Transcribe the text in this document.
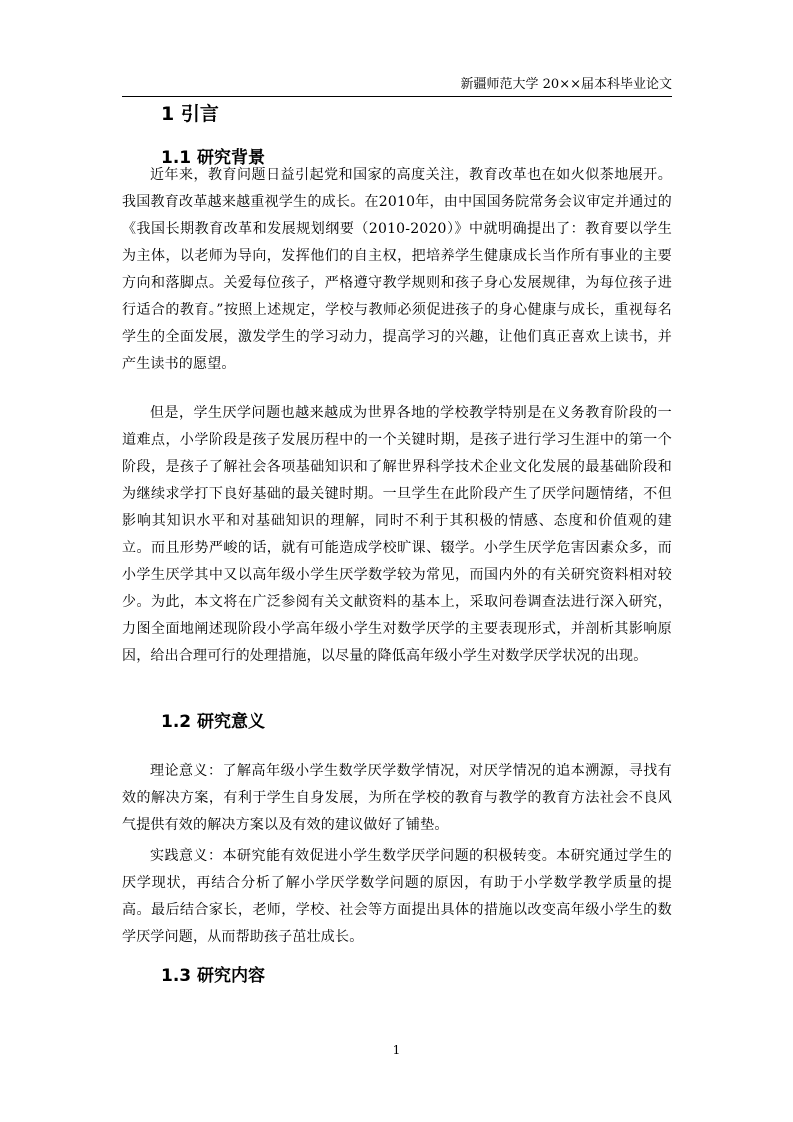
新疆师范大学 20××届本科毕业论文
1 引言
1.1 研究背景

近年来，教育问题日益引起党和国家的高度关注，教育改革也在如火似茶地展开。我国教育改革越来越重视学生的成长。在2010年，由中国国务院常务会议审定并通过的《我国长期教育改革和发展规划纲要（2010-2020）》中就明确提出了：教育要以学生为主体，以老师为导向，发挥他们的自主权，把培养学生健康成长当作所有事业的主要方向和落脚点。关爱每位孩子，严格遵守教学规则和孩子身心发展规律，为每位孩子进行适合的教育。”按照上述规定，学校与教师必须促进孩子的身心健康与成长，重视每名学生的全面发展，激发学生的学习动力，提高学习的兴趣，让他们真正喜欢上读书，并产生读书的愿望。

但是，学生厌学问题也越来越成为世界各地的学校教学特别是在义务教育阶段的一道难点，小学阶段是孩子发展历程中的一个关键时期，是孩子进行学习生涯中的第一个阶段，是孩子了解社会各项基础知识和了解世界科学技术企业文化发展的最基础阶段和为继续求学打下良好基础的最关键时期。一旦学生在此阶段产生了厌学问题情绪，不但影响其知识水平和对基础知识的理解，同时不利于其积极的情感、态度和价值观的建立。而且形势严峻的话，就有可能造成学校旷课、辍学。小学生厌学危害因素众多，而小学生厌学其中又以高年级小学生厌学数学较为常见，而国内外的有关研究资料相对较少。为此，本文将在广泛参阅有关文献资料的基本上，采取问卷调查法进行深入研究，力图全面地阐述现阶段小学高年级小学生对数学厌学的主要表现形式，并剖析其影响原因，给出合理可行的处理措施，以尽量的降低高年级小学生对数学厌学状况的出现。

1.2 研究意义

理论意义：了解高年级小学生数学厌学数学情况，对厌学情况的追本溯源，寻找有效的解决方案，有利于学生自身发展，为所在学校的教育与教学的教育方法社会不良风气提供有效的解决方案以及有效的建议做好了铺垫。

实践意义：本研究能有效促进小学生数学厌学问题的积极转变。本研究通过学生的厌学现状，再结合分析了解小学厌学数学问题的原因，有助于小学数学教学质量的提高。最后结合家长，老师，学校、社会等方面提出具体的措施以改变高年级小学生的数学厌学问题，从而帮助孩子茁壮成长。

1.3 研究内容
1
